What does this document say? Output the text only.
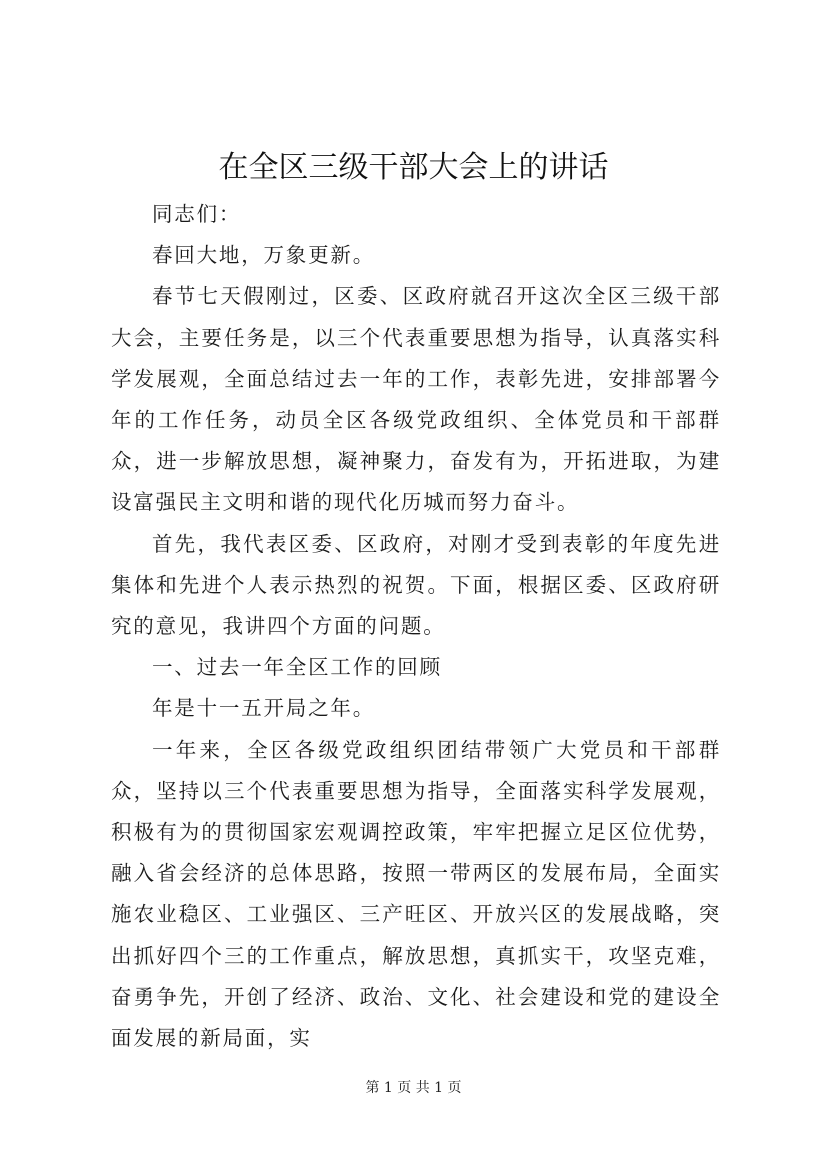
在全区三级干部大会上的讲话

同志们：

春回大地，万象更新。

春节七天假刚过，区委、区政府就召开这次全区三级干部大会，主要任务是，以三个代表重要思想为指导，认真落实科学发展观，全面总结过去一年的工作，表彰先进，安排部署今年的工作任务，动员全区各级党政组织、全体党员和干部群众，进一步解放思想，凝神聚力，奋发有为，开拓进取，为建设富强民主文明和谐的现代化历城而努力奋斗。

首先，我代表区委、区政府，对刚才受到表彰的年度先进集体和先进个人表示热烈的祝贺。下面，根据区委、区政府研究的意见，我讲四个方面的问题。

一、过去一年全区工作的回顾

年是十一五开局之年。

一年来，全区各级党政组织团结带领广大党员和干部群众，坚持以三个代表重要思想为指导，全面落实科学发展观，积极有为的贯彻国家宏观调控政策，牢牢把握立足区位优势，融入省会经济的总体思路，按照一带两区的发展布局，全面实施农业稳区、工业强区、三产旺区、开放兴区的发展战略，突出抓好四个三的工作重点，解放思想，真抓实干，攻坚克难，奋勇争先，开创了经济、政治、文化、社会建设和党的建设全面发展的新局面，实

第 1 页 共 1 页
